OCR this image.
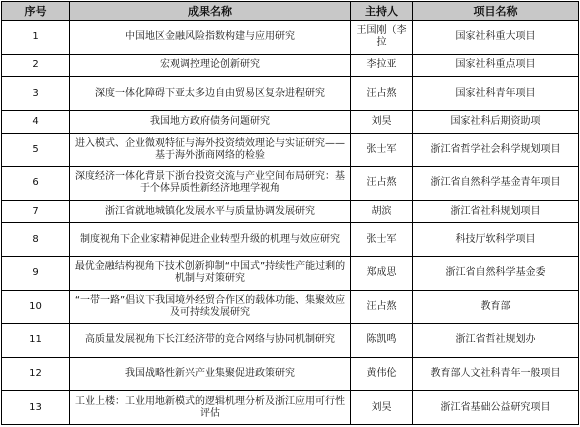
序号	成果名称	主持人	项目名称
1	中国地区金融风险指数构建与应用研究	王国刚（李拉	国家社科重大项目
2	宏观调控理论创新研究	李拉亚	国家社科重点项目
3	深度一体化障碍下亚太多边自由贸易区复杂进程研究	汪占熬	国家社科青年项目
4	我国地方政府债务问题研究	刘昊	国家社科后期资助项
5	进入模式、企业微观特征与海外投资绩效理论与实证研究——基于海外浙商网络的检验	张士军	浙江省哲学社会科学规划项目
6	深度经济一体化背景下浙台投资交流与产业空间布局研究：基于个体异质性新经济地理学视角	汪占熬	浙江省自然科学基金青年项目
7	浙江省就地城镇化发展水平与质量协调发展研究	胡滨	浙江省社科规划项目
8	制度视角下企业家精神促进企业转型升级的机理与效应研究	张士军	科技厅软科学项目
9	最优金融结构视角下技术创新抑制“中国式”持续性产能过剩的机制与对策研究	郑成思	浙江省自然科学基金委
10	“一带一路”倡议下我国境外经贸合作区的载体功能、集聚效应及可持续发展研究	汪占熬	教育部
11	高质量发展视角下长江经济带的竞合网络与协同机制研究	陈凯鸣	浙江省哲社规划办
12	我国战略性新兴产业集聚促进政策研究	黄伟伦	教育部人文社科青年一般项目
13	工业上楼：工业用地新模式的逻辑机理分析及浙江应用可行性评估	刘昊	浙江省基础公益研究项目
